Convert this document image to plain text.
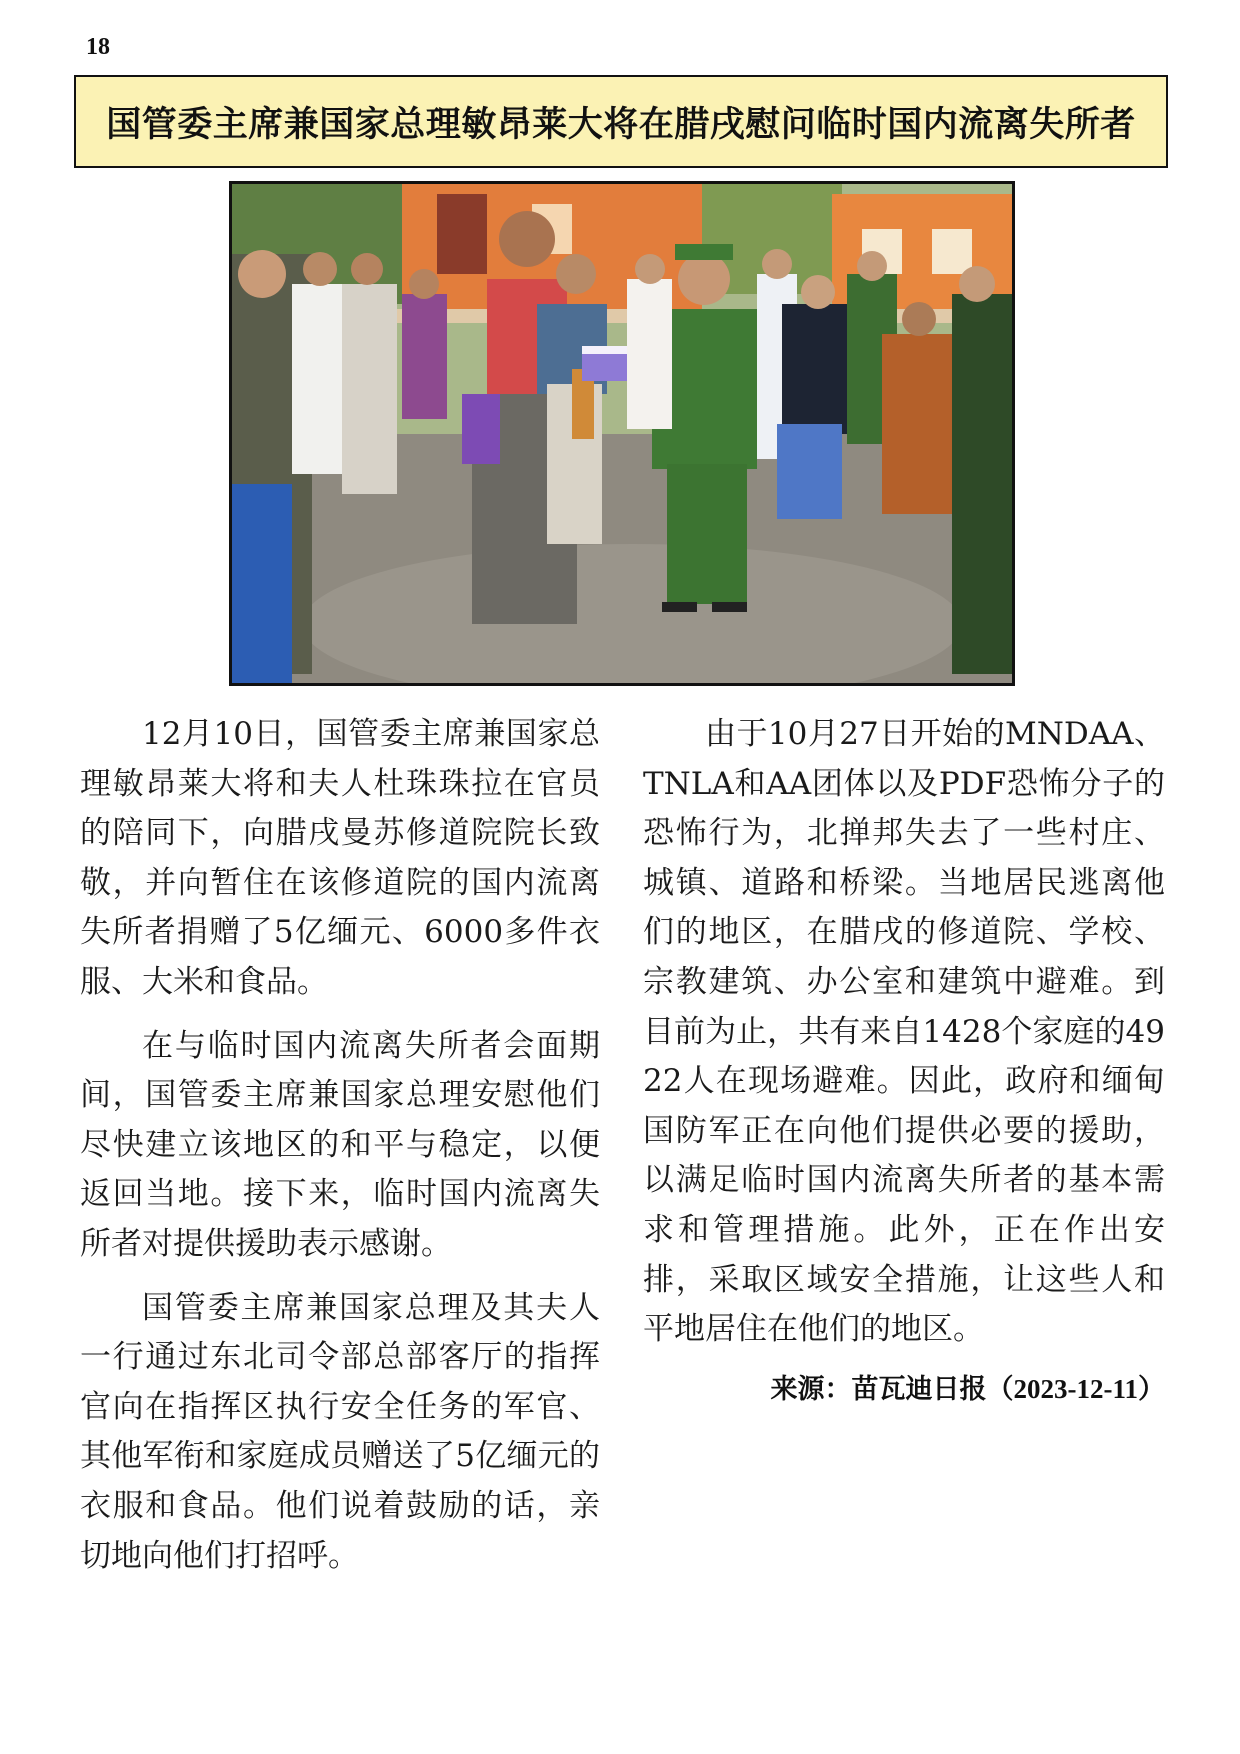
18
国管委主席兼国家总理敏昂莱大将在腊戌慰问临时国内流离失所者

12月10日，国管委主席兼国家总理敏昂莱大将和夫人杜珠珠拉在官员的陪同下，向腊戌曼苏修道院院长致敬，并向暂住在该修道院的国内流离失所者捐赠了5亿缅元、6000多件衣服、大米和食品。

在与临时国内流离失所者会面期间，国管委主席兼国家总理安慰他们尽快建立该地区的和平与稳定，以便返回当地。接下来，临时国内流离失所者对提供援助表示感谢。

国管委主席兼国家总理及其夫人一行通过东北司令部总部客厅的指挥官向在指挥区执行安全任务的军官、其他军衔和家庭成员赠送了5亿缅元的衣服和食品。他们说着鼓励的话，亲切地向他们打招呼。

由于10月27日开始的MNDAA、TNLA和AA团体以及PDF恐怖分子的恐怖行为，北掸邦失去了一些村庄、城镇、道路和桥梁。当地居民逃离他们的地区，在腊戌的修道院、学校、宗教建筑、办公室和建筑中避难。到目前为止，共有来自1428个家庭的4922人在现场避难。因此，政府和缅甸国防军正在向他们提供必要的援助，以满足临时国内流离失所者的基本需求和管理措施。此外，正在作出安排，采取区域安全措施，让这些人和平地居住在他们的地区。

来源：苗瓦迪日报（2023-12-11）
